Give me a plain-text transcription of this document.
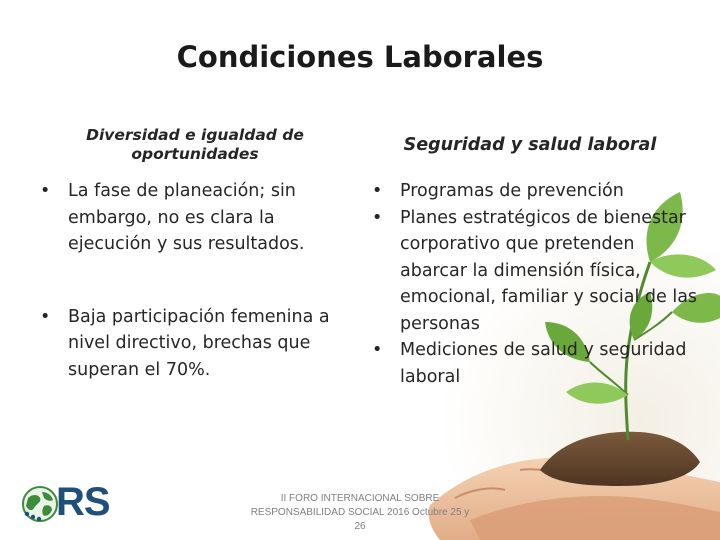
Condiciones Laborales
Diversidad e igualdad de oportunidades	Seguridad y salud laboral
• La fase de planeación; sin embargo, no es clara la ejecución y sus resultados.
• Baja participación femenina a nivel directivo, brechas que superan el 70%.
• Programas de prevención
• Planes estratégicos de bienestar corporativo que pretenden abarcar la dimensión física, emocional, familiar y social de las personas
• Mediciones de salud y seguridad laboral
RS	II FORO INTERNACIONAL SOBRE RESPONSABILIDAD SOCIAL 2016 Octubre 25 y 26
